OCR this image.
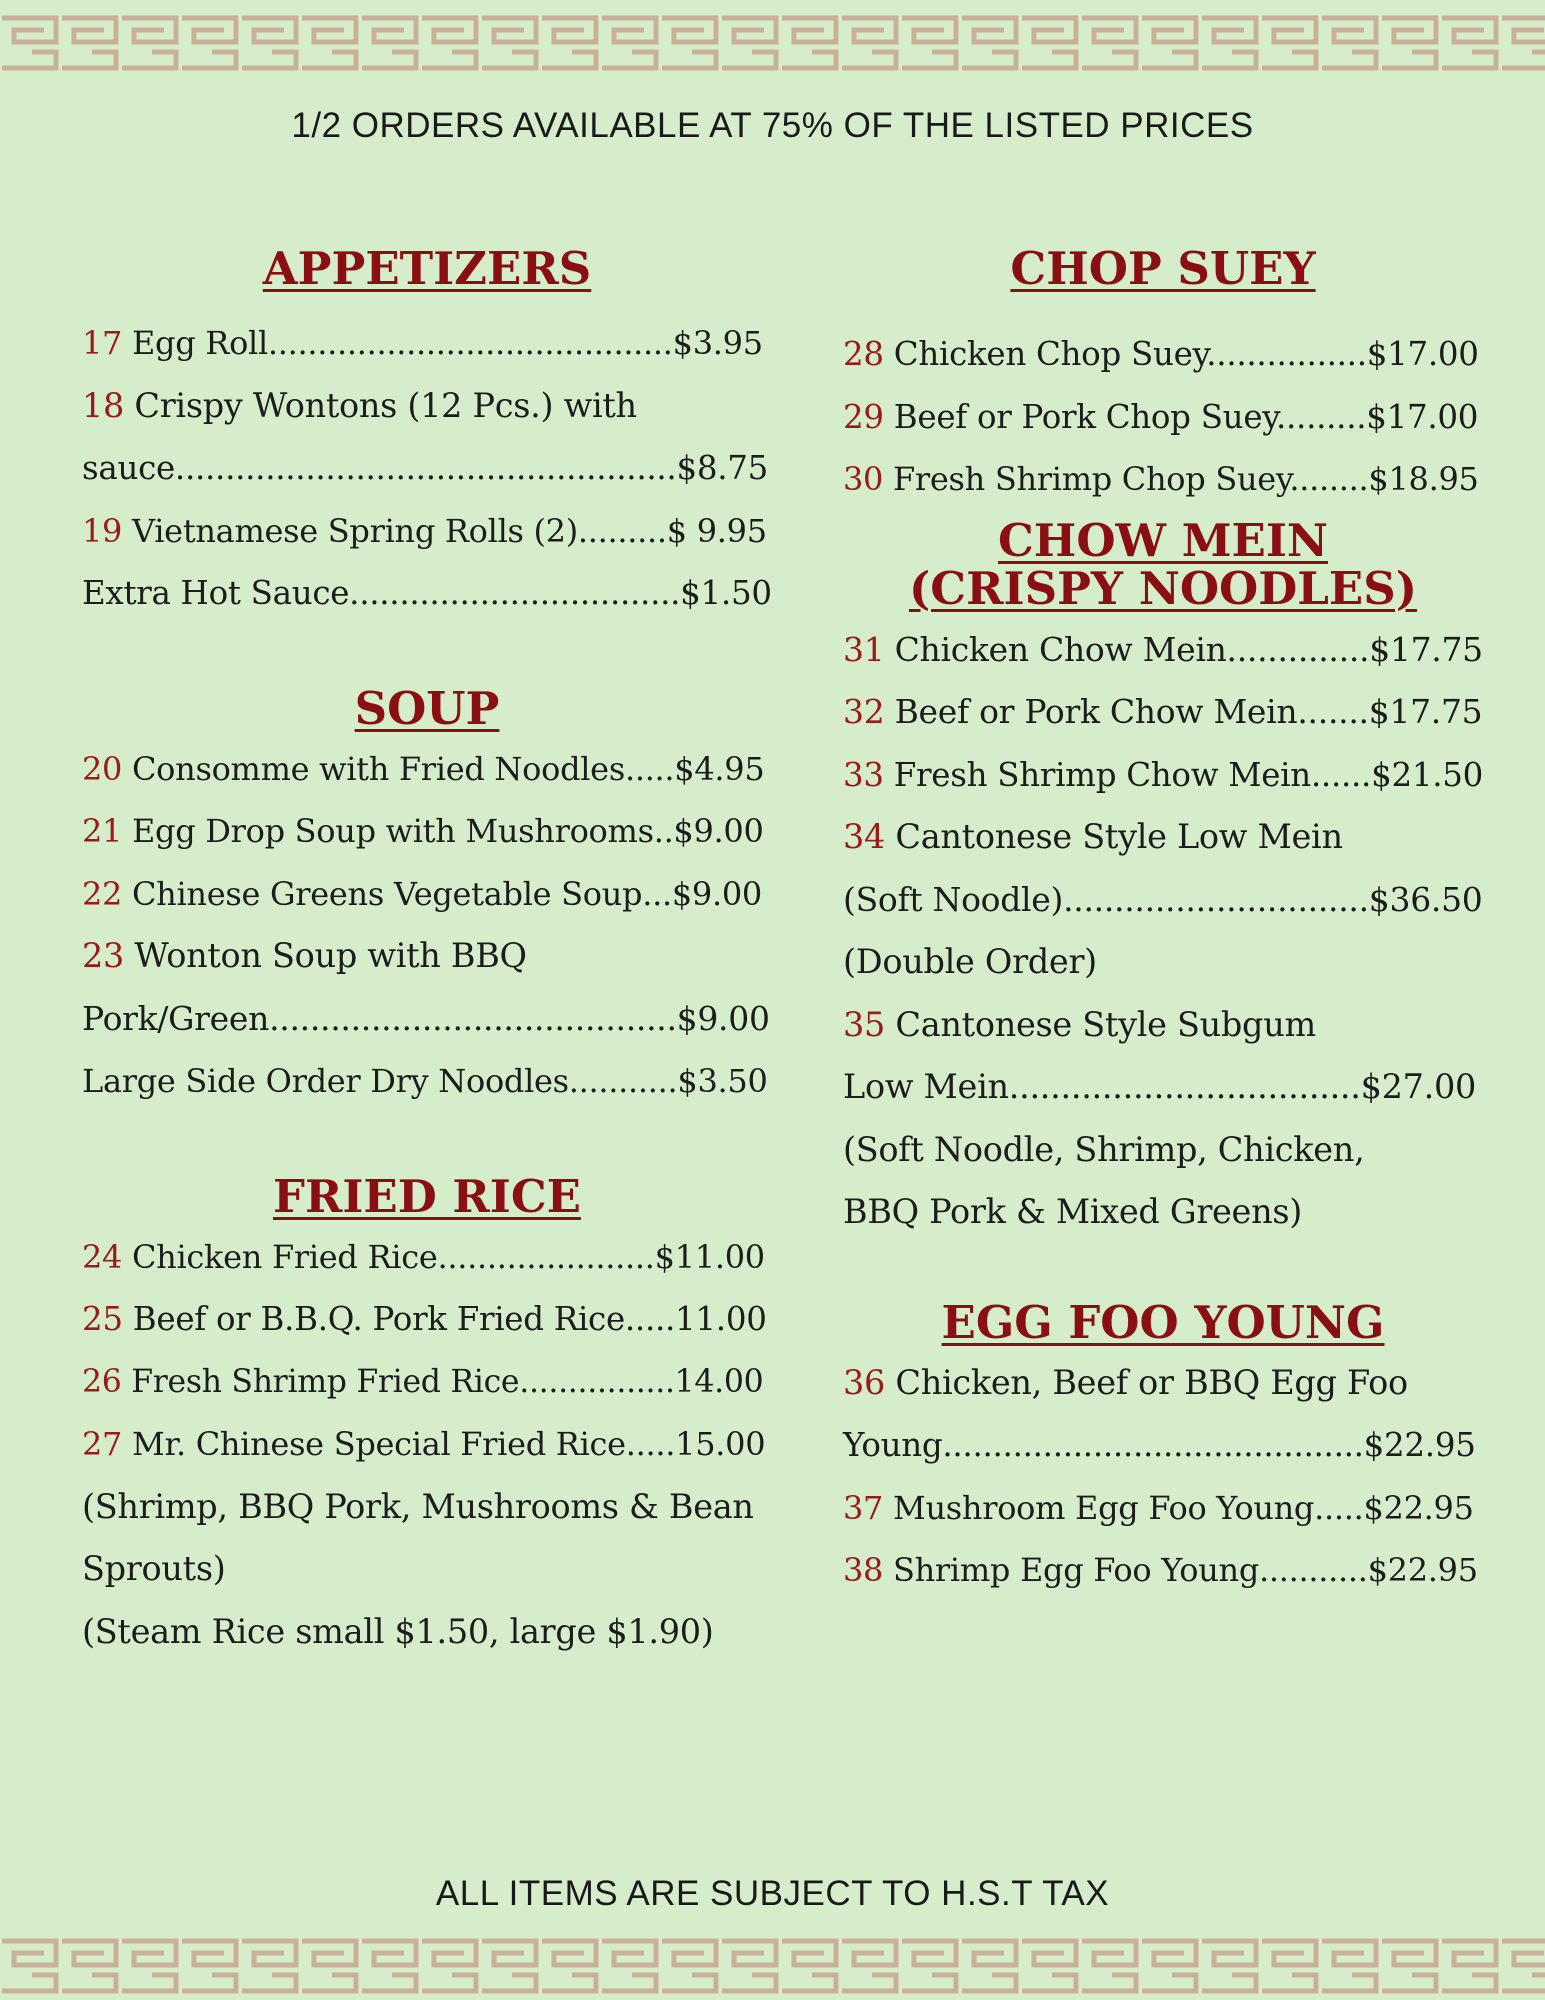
1/2 ORDERS AVAILABLE AT 75% OF THE LISTED PRICES
APPETIZERS
17 Egg Roll.........................................$3.95
18 Crispy Wontons (12 Pcs.) with
sauce..................................................$8.75
19 Vietnamese Spring Rolls (2).........$ 9.95
Extra Hot Sauce.................................$1.50
SOUP
20 Consomme with Fried Noodles.....$4.95
21 Egg Drop Soup with Mushrooms..$9.00
22 Chinese Greens Vegetable Soup...$9.00
23 Wonton Soup with BBQ
Pork/Green........................................$9.00
Large Side Order Dry Noodles...........$3.50
FRIED RICE
24 Chicken Fried Rice......................$11.00
25 Beef or B.B.Q. Pork Fried Rice.....11.00
26 Fresh Shrimp Fried Rice................14.00
27 Mr. Chinese Special Fried Rice.....15.00
(Shrimp, BBQ Pork, Mushrooms & Bean
Sprouts)
(Steam Rice small $1.50, large $1.90)
CHOP SUEY
28 Chicken Chop Suey................$17.00
29 Beef or Pork Chop Suey.........$17.00
30 Fresh Shrimp Chop Suey........$18.95
CHOW MEIN
(CRISPY NOODLES)
31 Chicken Chow Mein..............$17.75
32 Beef or Pork Chow Mein.......$17.75
33 Fresh Shrimp Chow Mein......$21.50
34 Cantonese Style Low Mein
(Soft Noodle)..............................$36.50
(Double Order)
35 Cantonese Style Subgum
Low Mein..................................$27.00
(Soft Noodle, Shrimp, Chicken,
BBQ Pork & Mixed Greens)
EGG FOO YOUNG
36 Chicken, Beef or BBQ Egg Foo
Young..........................................$22.95
37 Mushroom Egg Foo Young.....$22.95
38 Shrimp Egg Foo Young...........$22.95
ALL ITEMS ARE SUBJECT TO H.S.T TAX
